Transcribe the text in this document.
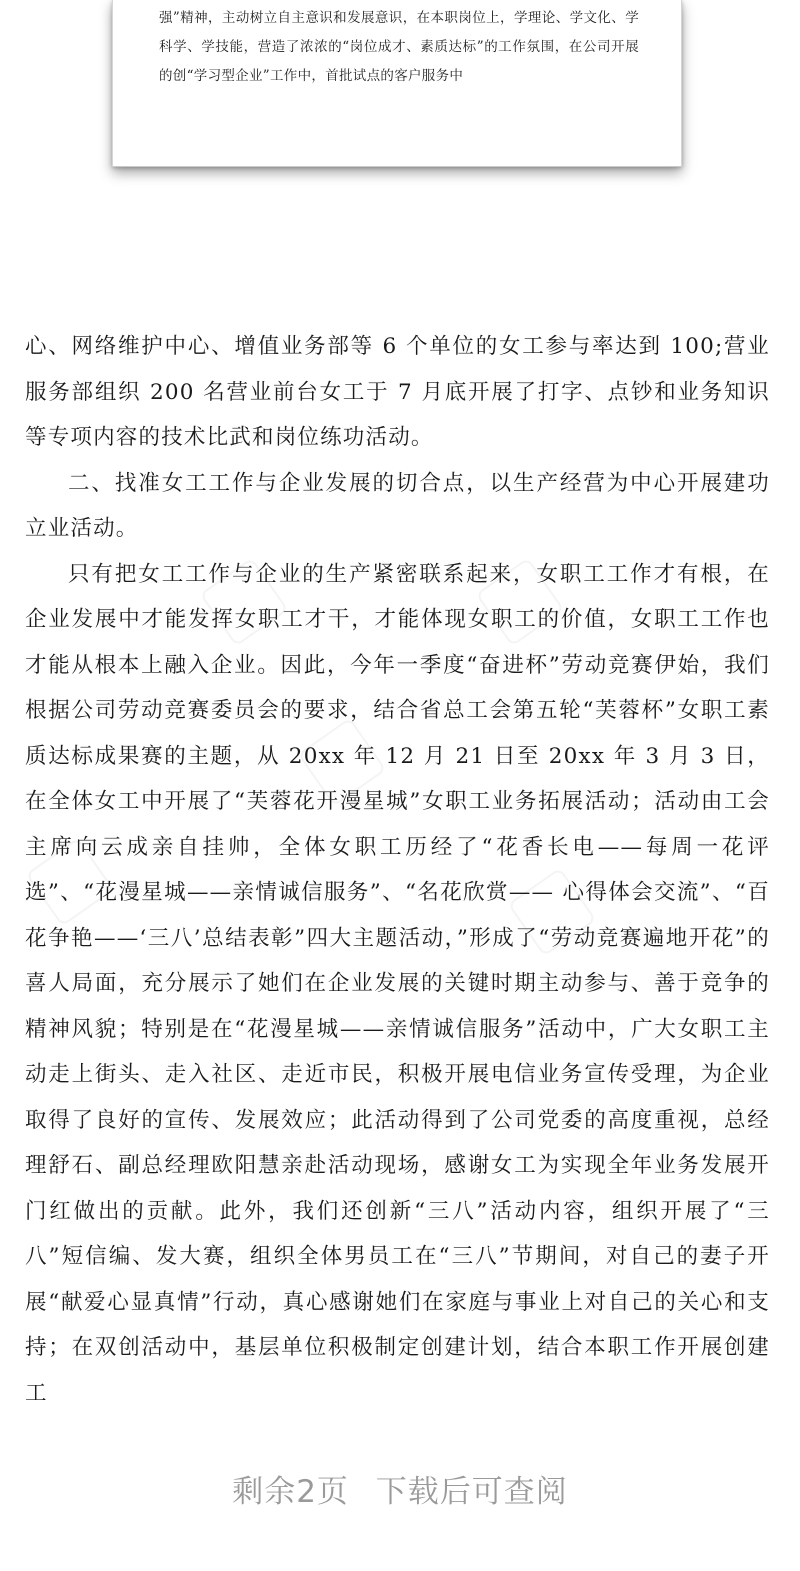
强”精神，主动树立自主意识和发展意识，在本职岗位上，学理论、学文化、学科学、学技能，营造了浓浓的“岗位成才、素质达标”的工作氛围，在公司开展的创“学习型企业”工作中，首批试点的客户服务中

心、网络维护中心、增值业务部等 6 个单位的女工参与率达到 100;营业服务部组织 200 名营业前台女工于 7 月底开展了打字、点钞和业务知识等专项内容的技术比武和岗位练功活动。

二、找准女工工作与企业发展的切合点，以生产经营为中心开展建功立业活动。

只有把女工工作与企业的生产紧密联系起来，女职工工作才有根，在企业发展中才能发挥女职工才干，才能体现女职工的价值，女职工工作也才能从根本上融入企业。因此，今年一季度“奋进杯”劳动竞赛伊始，我们根据公司劳动竞赛委员会的要求，结合省总工会第五轮“芙蓉杯”女职工素质达标成果赛的主题，从 20xx 年 12 月 21 日至 20xx 年 3 月 3 日，在全体女工中开展了“芙蓉花开漫星城”女职工业务拓展活动；活动由工会主席向云成亲自挂帅，全体女职工历经了“花香长电——每周一花评选”、“花漫星城——亲情诚信服务”、“名花欣赏—— 心得体会交流”、“百花争艳——‘三八’总结表彰”四大主题活动，”形成了“劳动竞赛遍地开花”的喜人局面，充分展示了她们在企业发展的关键时期主动参与、善于竞争的精神风貌；特别是在“花漫星城——亲情诚信服务”活动中，广大女职工主动走上街头、走入社区、走近市民，积极开展电信业务宣传受理，为企业取得了良好的宣传、发展效应；此活动得到了公司党委的高度重视，总经理舒石、副总经理欧阳慧亲赴活动现场，感谢女工为实现全年业务发展开门红做出的贡献。此外，我们还创新“三八”活动内容，组织开展了“三八”短信编、发大赛，组织全体男员工在“三八”节期间，对自己的妻子开展“献爱心显真情”行动，真心感谢她们在家庭与事业上对自己的关心和支持；在双创活动中，基层单位积极制定创建计划，结合本职工作开展创建工

剩余2页 下载后可查阅
